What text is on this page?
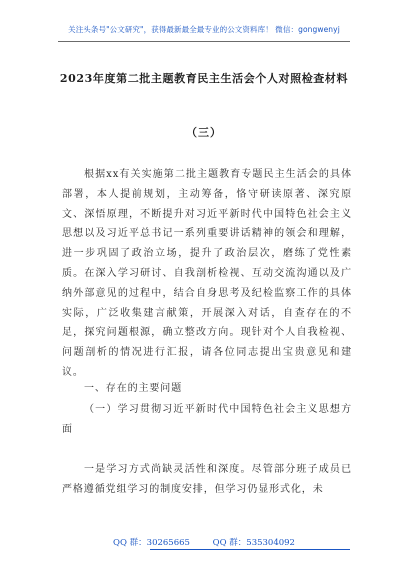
关注头条号"公文研究"，获得最新最全最专业的公文资料库！ 微信：gongwenyj
2023年度第二批主题教育民主生活会个人对照检查材料
（三）

根据xx有关实施第二批主题教育专题民主生活会的具体部署，本人提前规划，主动筹备，恪守研读原著、深究原文、深悟原理，不断提升对习近平新时代中国特色社会主义思想以及习近平总书记一系列重要讲话精神的领会和理解，进一步巩固了政治立场，提升了政治层次，磨练了党性素质。在深入学习研讨、自我剖析检视、互动交流沟通以及广纳外部意见的过程中，结合自身思考及纪检监察工作的具体实际，广泛收集建言献策，开展深入对话，自查存在的不足，探究问题根源，确立整改方向。现针对个人自我检视、问题剖析的情况进行汇报，请各位同志提出宝贵意见和建议。

一、存在的主要问题

（一）学习贯彻习近平新时代中国特色社会主义思想方面

一是学习方式尚缺灵活性和深度。尽管部分班子成员已严格遵循党组学习的制度安排，但学习仍显形式化，未

QQ 群：30265665	QQ 群：535304092
